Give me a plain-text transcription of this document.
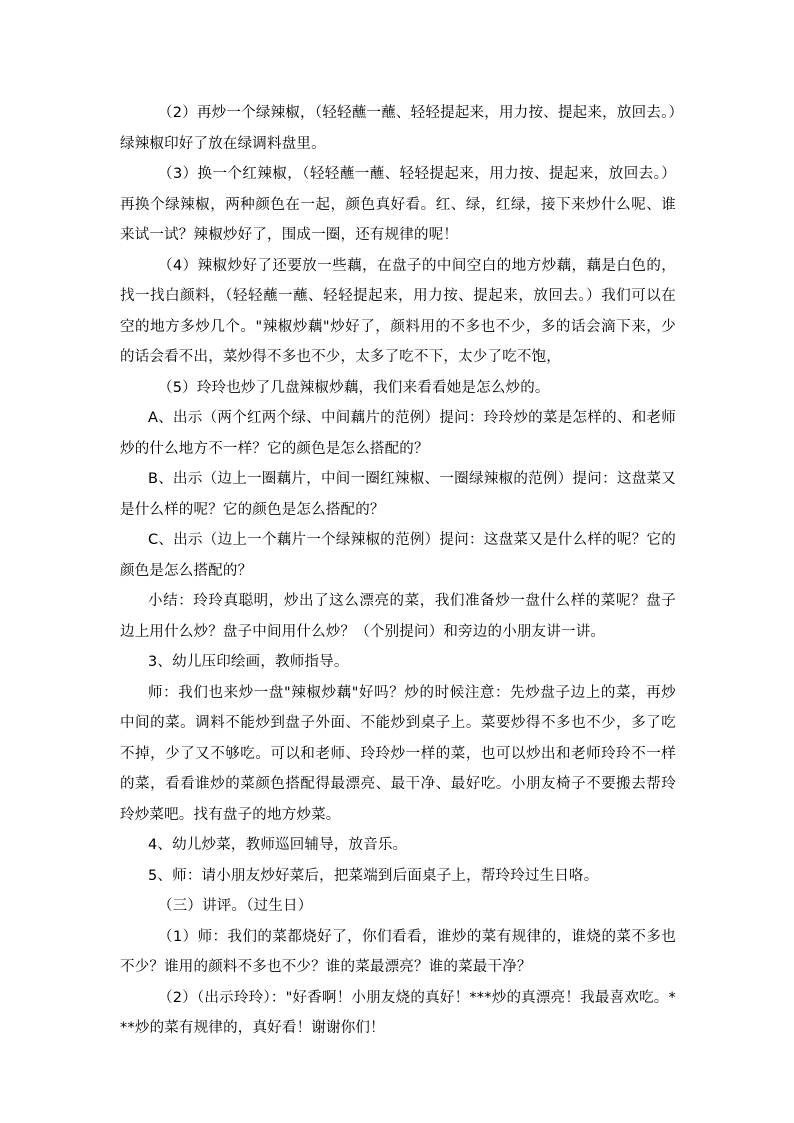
（2）再炒一个绿辣椒，（轻轻蘸一蘸、轻轻提起来，用力按、提起来，放回去。）绿辣椒印好了放在绿调料盘里。

（3）换一个红辣椒，（轻轻蘸一蘸、轻轻提起来，用力按、提起来，放回去。）再换个绿辣椒，两种颜色在一起，颜色真好看。红、绿，红绿，接下来炒什么呢、谁来试一试？辣椒炒好了，围成一圈，还有规律的呢！

（4）辣椒炒好了还要放一些藕，在盘子的中间空白的地方炒藕，藕是白色的，找一找白颜料，（轻轻蘸一蘸、轻轻提起来，用力按、提起来，放回去。）我们可以在空的地方多炒几个。"辣椒炒藕"炒好了，颜料用的不多也不少，多的话会滴下来，少的话会看不出，菜炒得不多也不少，太多了吃不下，太少了吃不饱，

（5）玲玲也炒了几盘辣椒炒藕，我们来看看她是怎么炒的。

A、出示（两个红两个绿、中间藕片的范例）提问：玲玲炒的菜是怎样的、和老师炒的什么地方不一样？它的颜色是怎么搭配的？

B、出示（边上一圈藕片，中间一圈红辣椒、一圈绿辣椒的范例）提问：这盘菜又是什么样的呢？它的颜色是怎么搭配的？

C、出示（边上一个藕片一个绿辣椒的范例）提问：这盘菜又是什么样的呢？它的颜色是怎么搭配的？

小结：玲玲真聪明，炒出了这么漂亮的菜，我们准备炒一盘什么样的菜呢？盘子边上用什么炒？盘子中间用什么炒？（个别提问）和旁边的小朋友讲一讲。

3、幼儿压印绘画，教师指导。

师：我们也来炒一盘"辣椒炒藕"好吗？炒的时候注意：先炒盘子边上的菜，再炒中间的菜。调料不能炒到盘子外面、不能炒到桌子上。菜要炒得不多也不少，多了吃不掉，少了又不够吃。可以和老师、玲玲炒一样的菜，也可以炒出和老师玲玲不一样的菜，看看谁炒的菜颜色搭配得最漂亮、最干净、最好吃。小朋友椅子不要搬去帮玲玲炒菜吧。找有盘子的地方炒菜。

4、幼儿炒菜，教师巡回辅导，放音乐。

5、师：请小朋友炒好菜后，把菜端到后面桌子上，帮玲玲过生日咯。

（三）讲评。（过生日）

（1）师：我们的菜都烧好了，你们看看，谁炒的菜有规律的，谁烧的菜不多也不少？谁用的颜料不多也不少？谁的菜最漂亮？谁的菜最干净？

（2）（出示玲玲）："好香啊！小朋友烧的真好！***炒的真漂亮！我最喜欢吃。***炒的菜有规律的，真好看！谢谢你们！
